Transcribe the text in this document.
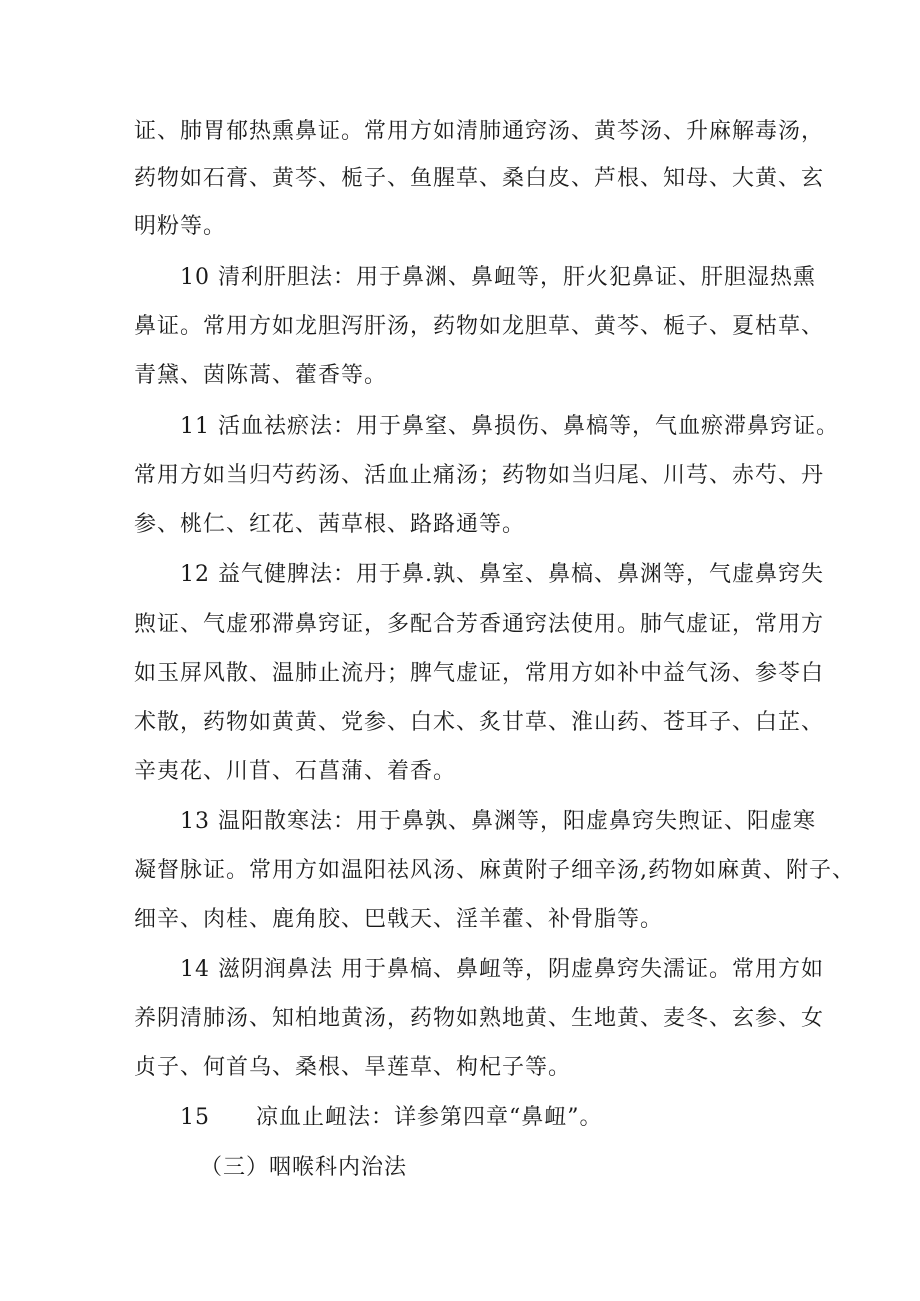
证、肺胃郁热熏鼻证。常用方如清肺通窍汤、黄芩汤、升麻解毒汤，
药物如石膏、黄芩、栀子、鱼腥草、桑白皮、芦根、知母、大黄、玄
明粉等。
10 清利肝胆法：用于鼻渊、鼻衄等，肝火犯鼻证、肝胆湿热熏
鼻证。常用方如龙胆泻肝汤，药物如龙胆草、黄芩、栀子、夏枯草、
青黛、茵陈蒿、藿香等。
11 活血祛瘀法：用于鼻窒、鼻损伤、鼻槁等，气血瘀滞鼻窍证。
常用方如当归芍药汤、活血止痛汤；药物如当归尾、川芎、赤芍、丹
参、桃仁、红花、茜草根、路路通等。
12 益气健脾法：用于鼻.孰、鼻室、鼻槁、鼻渊等，气虚鼻窍失
煦证、气虚邪滞鼻窍证，多配合芳香通窍法使用。肺气虚证，常用方
如玉屏风散、温肺止流丹；脾气虚证，常用方如补中益气汤、参苓白
术散，药物如黄黄、党参、白术、炙甘草、淮山药、苍耳子、白芷、
辛夷花、川苜、石菖蒲、着香。
13 温阳散寒法：用于鼻孰、鼻渊等，阳虚鼻窍失煦证、阳虚寒
凝督脉证。常用方如温阳祛风汤、麻黄附子细辛汤,药物如麻黄、附子、
细辛、肉桂、鹿角胶、巴戟天、淫羊藿、补骨脂等。
14 滋阴润鼻法 用于鼻槁、鼻衄等，阴虚鼻窍失濡证。常用方如
养阴清肺汤、知柏地黄汤，药物如熟地黄、生地黄、麦冬、玄参、女
贞子、何首乌、桑根、旱莲草、枸杞子等。
15　　凉血止衄法：详参第四章“鼻衄”。
（三）咽喉科内治法
